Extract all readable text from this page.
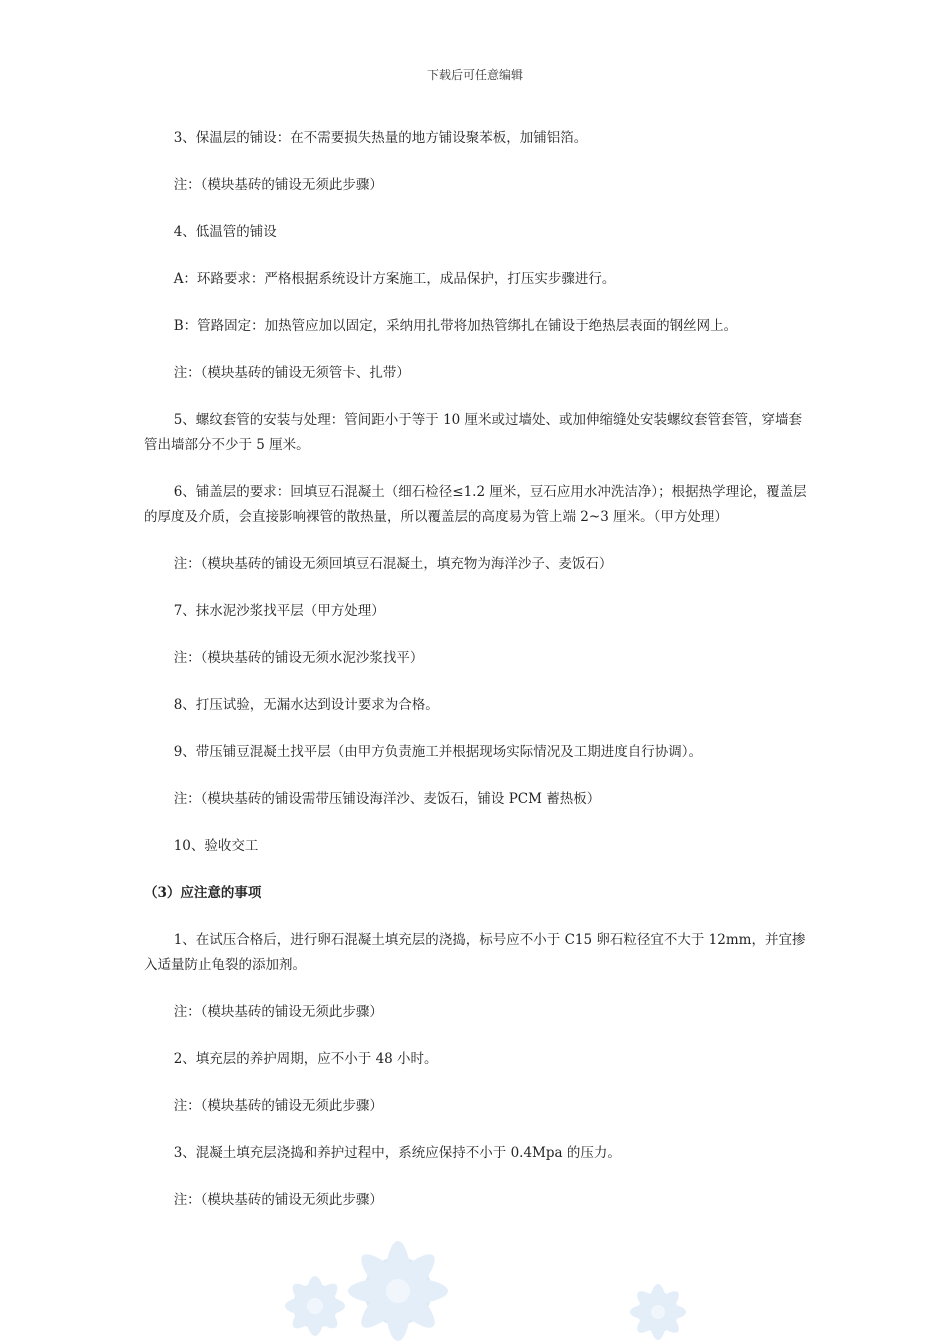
下载后可任意编辑

3、保温层的铺设：在不需要损失热量的地方铺设聚苯板，加铺铝箔。

注：（模块基砖的铺设无须此步骤）

4、低温管的铺设

A：环路要求：严格根据系统设计方案施工，成品保护，打压实步骤进行。

B：管路固定：加热管应加以固定，采纳用扎带将加热管绑扎在铺设于绝热层表面的钢丝网上。

注：（模块基砖的铺设无须管卡、扎带）

5、螺纹套管的安装与处理：管间距小于等于 10 厘米或过墙处、或加伸缩缝处安装螺纹套管套管，穿墙套管出墙部分不少于 5 厘米。

6、铺盖层的要求：回填豆石混凝土（细石检径≤1.2 厘米，豆石应用水冲洗洁净）；根据热学理论，覆盖层的厚度及介质，会直接影响裸管的散热量，所以覆盖层的高度易为管上端 2~3 厘米。（甲方处理）

注：（模块基砖的铺设无须回填豆石混凝土，填充物为海洋沙子、麦饭石）

7、抹水泥沙浆找平层（甲方处理）

注：（模块基砖的铺设无须水泥沙浆找平）

8、打压试验，无漏水达到设计要求为合格。

9、带压铺豆混凝土找平层（由甲方负责施工并根据现场实际情况及工期进度自行协调）。

注：（模块基砖的铺设需带压铺设海洋沙、麦饭石，铺设 PCM 蓄热板）

10、验收交工

（3）应注意的事项

1、在试压合格后，进行卵石混凝土填充层的浇捣，标号应不小于 C15 卵石粒径宜不大于 12mm，并宜掺入适量防止龟裂的添加剂。

注：（模块基砖的铺设无须此步骤）

2、填充层的养护周期，应不小于 48 小时。

注：（模块基砖的铺设无须此步骤）

3、混凝土填充层浇捣和养护过程中，系统应保持不小于 0.4Mpa 的压力。

注：（模块基砖的铺设无须此步骤）
